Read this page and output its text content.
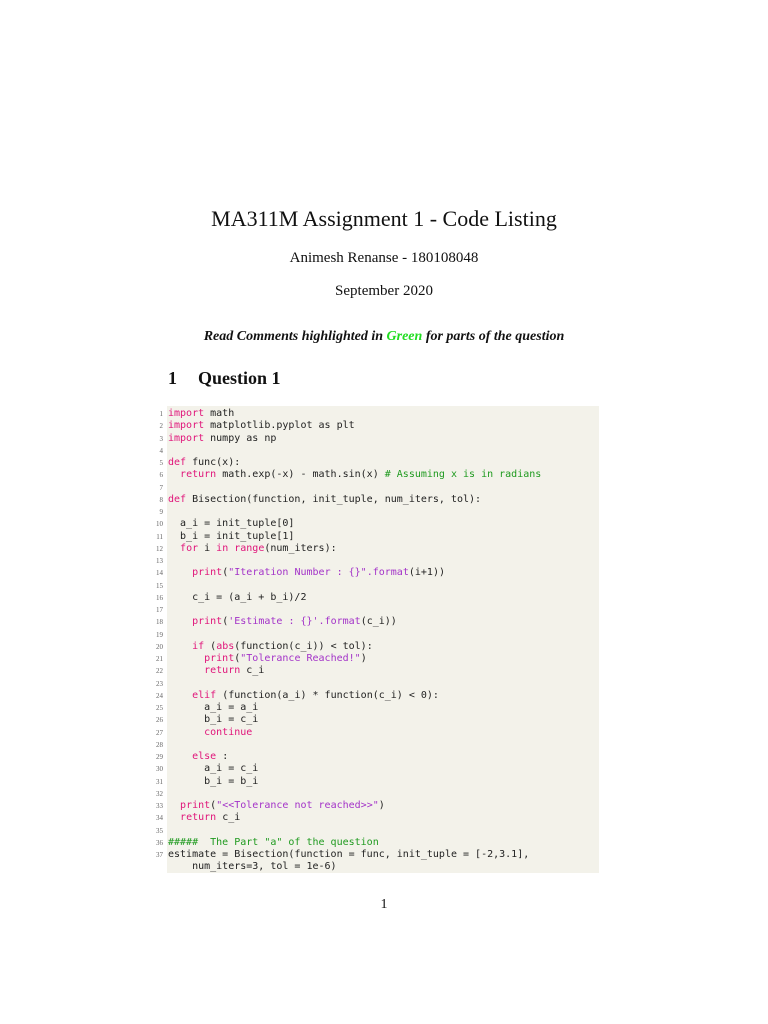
MA311M Assignment 1 - Code Listing
Animesh Renanse - 180108048
September 2020
Read Comments highlighted in Green for parts of the question
1 Question 1
1 import math
2 import matplotlib.pyplot as plt
3 import numpy as np
4
5 def func(x):
6	return math.exp(-x) - math.sin(x) # Assuming x is in radians
7
8 def Bisection(function, init_tuple, num_iters, tol):
9
10 a_i = init_tuple[0]
11 b_i = init_tuple[1]
12	for i in range(num_iters):
13
14	print("Iteration Number : {}".format(i+1))
15
16 c_i = (a_i + b_i)/2
17
18	print('Estimate : {}'.format(c_i))
19
20	if (abs(function(c_i)) < tol):
21	print("Tolerance Reached!")
22	return c_i
23
24	elif (function(a_i) * function(c_i) < 0):
25 a_i = a_i
26 b_i = c_i
27	continue
28
29	else :
30 a_i = c_i
31 b_i = b_i
32
33	print("<<Tolerance not reached>>")
34	return c_i
35
36 #####  The Part "a" of the question
37 estimate = Bisection(function = func, init_tuple = [-2,3.1],
num_iters=3, tol = 1e-6)
1
